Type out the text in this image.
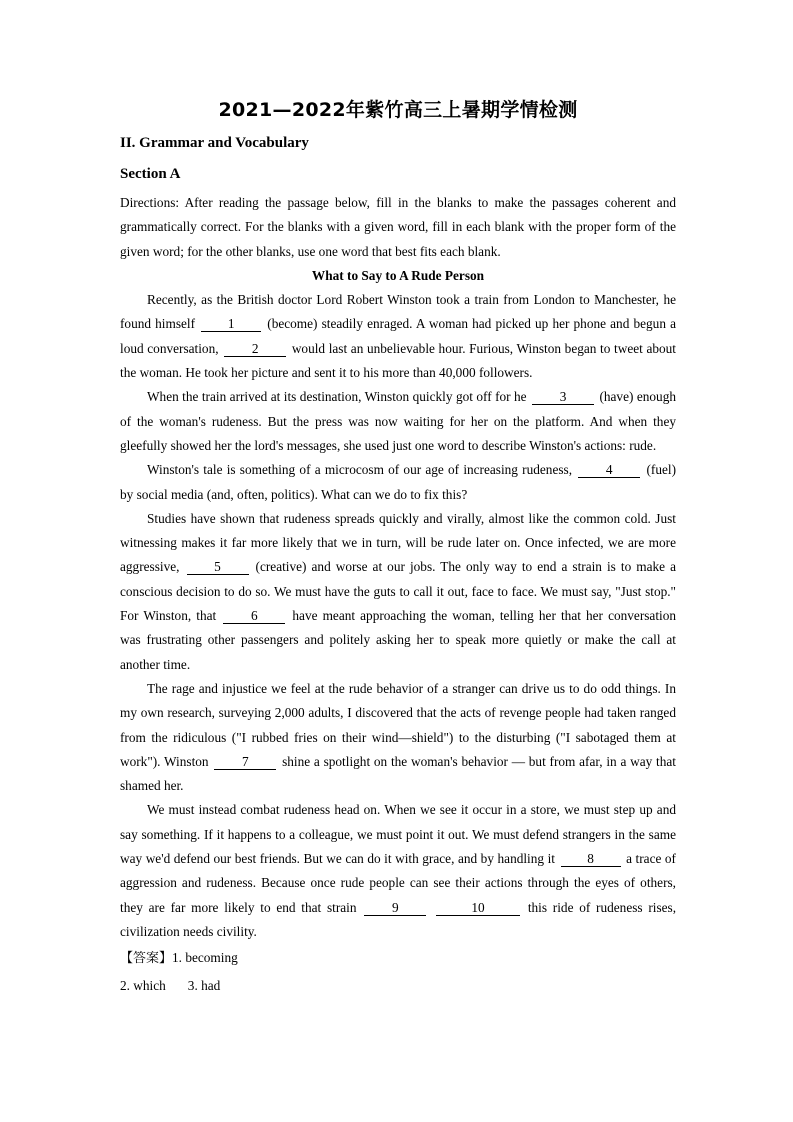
2021—2022年紫竹高三上暑期学情检测
II. Grammar and Vocabulary
Section A

Directions: After reading the passage below, fill in the blanks to make the passages coherent and grammatically correct. For the blanks with a given word, fill in each blank with the proper form of the given word; for the other blanks, use one word that best fits each blank.

What to Say to A Rude Person

Recently, as the British doctor Lord Robert Winston took a train from London to Manchester, he found himself 1 (become) steadily enraged. A woman had picked up her phone and begun a loud conversation,	2	would last an unbelievable hour. Furious, Winston began to tweet about the woman. He took her picture and sent it to his more than 40,000 followers.

When the train arrived at its destination, Winston quickly got off for he 3 (have) enough of the woman's rudeness. But the press was now waiting for her on the platform. And when they gleefully showed her the lord's messages, she used just one word to describe Winston's actions: rude.

Winston's tale is something of a microcosm of our age of increasing rudeness,	4	(fuel) by social media (and, often, politics). What can we do to fix this?

Studies have shown that rudeness spreads quickly and virally, almost like the common cold. Just witnessing makes it far more likely that we in turn, will be rude later on. Once infected, we are more aggressive,	5	(creative) and worse at our jobs. The only way to end a strain is to make a conscious decision to do so. We must have the guts to call it out, face to face. We must say, "Just stop." For Winston, that	6	have meant approaching the woman, telling her that her conversation was frustrating other passengers and politely asking her to speak more quietly or make the call at another time.

The rage and injustice we feel at the rude behavior of a stranger can drive us to do odd things. In my own research, surveying 2,000 adults, I discovered that the acts of revenge people had taken ranged from the ridiculous ("I rubbed fries on their wind—shield") to the disturbing ("I sabotaged them at work"). Winston	7	shine a spotlight on the woman's behavior — but from afar, in a way that shamed her.

We must instead combat rudeness head on. When we see it occur in a store, we must step up and say something. If it happens to a colleague, we must point it out. We must defend strangers in the same way we'd defend our best friends. But we can do it with grace, and by handling it 8 a trace of aggression and rudeness. Because once rude people can see their actions through the eyes of others, they are far more likely to end that strain	9	10	this ride of rudeness rises, civilization needs civility.

【答案】1. becoming

2. which 3. had
